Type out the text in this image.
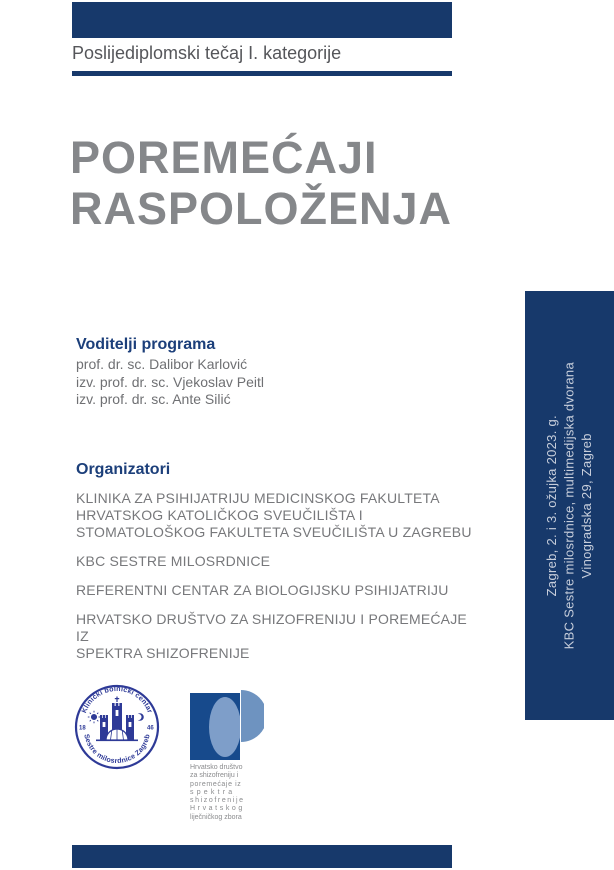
Poslijediplomski tečaj I. kategorije
POREMEĆAJI
RASPOLOŽENJA
Voditelji programa
prof. dr. sc. Dalibor Karlović
izv. prof. dr. sc. Vjekoslav Peitl
izv. prof. dr. sc. Ante Silić
Organizatori
KLINIKA ZA PSIHIJATRIJU MEDICINSKOG FAKULTETA
HRVATSKOG KATOLIČKOG SVEUČILIŠTA I
STOMATOLOŠKOG FAKULTETA SVEUČILIŠTA U ZAGREBU
KBC SESTRE MILOSRDNICE
REFERENTNI CENTAR ZA BIOLOGIJSKU PSIHIJATRIJU
HRVATSKO DRUŠTVO ZA SHIZOFRENIJU I POREMEĆAJE IZ
SPEKTRA SHIZOFRENIJE
Zagreb, 2. i 3. ožujka 2023. g. KBC Sestre milosrdnice, multimedijska dvorana Vinogradska 29, Zagreb
Klinički bolnički centar
Sestre milosrdnice Zagreb
18	46
Hrvatsko društvo
za shizofreniju i
poremećaje iz
spektra
shizofrenije
Hrvatskog
liječničkog zbora
